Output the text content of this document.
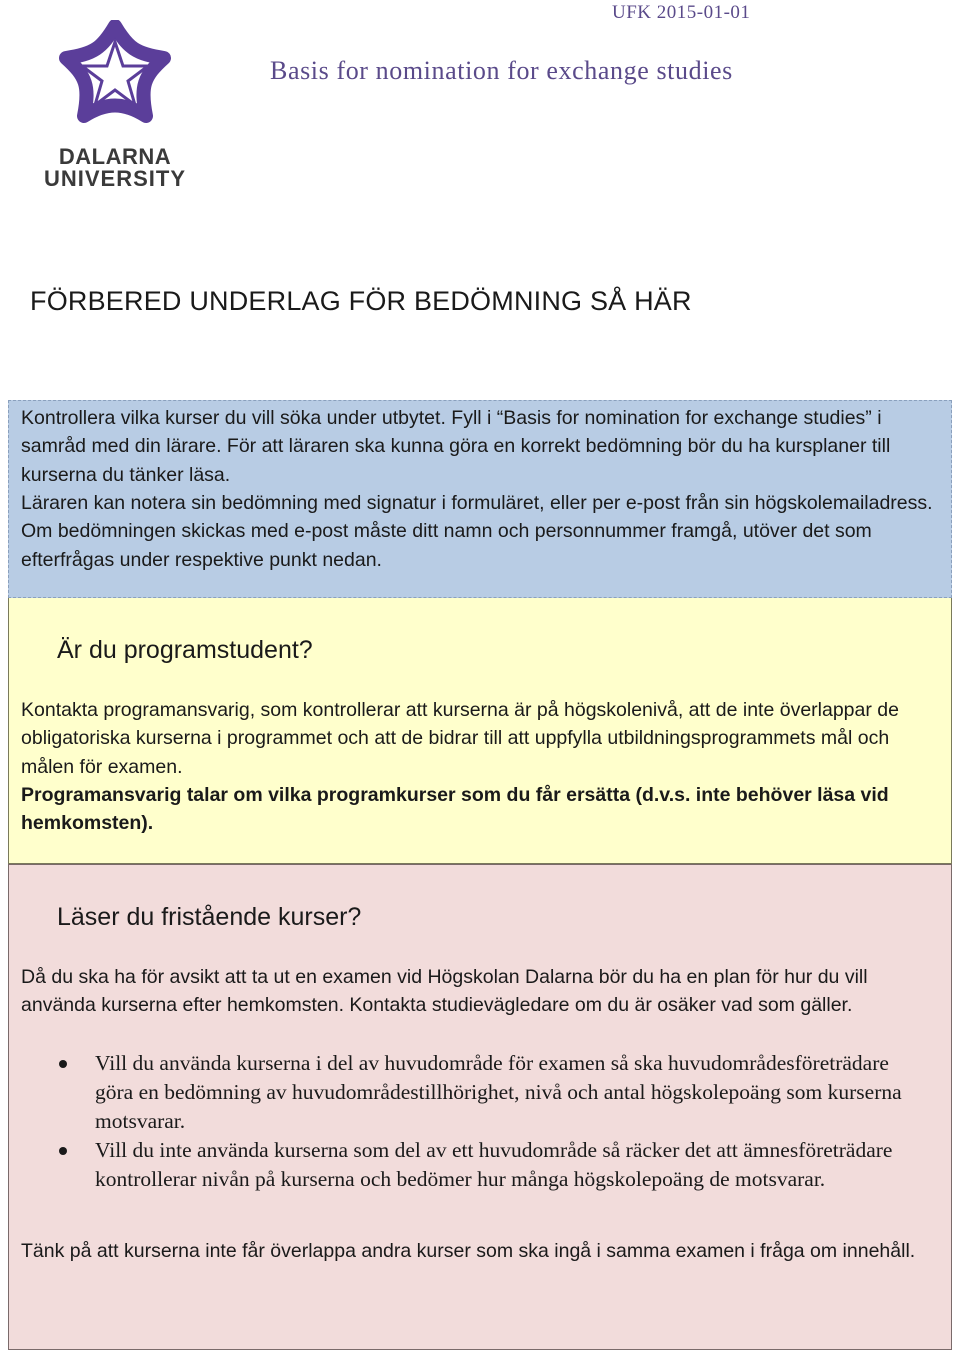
UFK 2015-01-01
Basis for nomination for exchange studies
DALARNA
UNIVERSITY
FÖRBERED UNDERLAG FÖR BEDÖMNING SÅ HÄR
Kontrollera vilka kurser du vill söka under utbytet. Fyll i “Basis for nomination for exchange studies” i samråd med din lärare. För att läraren ska kunna göra en korrekt bedömning bör du ha kursplaner till kurserna du tänker läsa.
Läraren kan notera sin bedömning med signatur i formuläret, eller per e-post från sin högskolemailadress. Om bedömningen skickas med e-post måste ditt namn och personnummer framgå, utöver det som efterfrågas under respektive punkt nedan.
Är du programstudent?
Kontakta programansvarig, som kontrollerar att kurserna är på högskolenivå, att de inte överlappar de obligatoriska kurserna i programmet och att de bidrar till att uppfylla utbildningsprogrammets mål och målen för examen.
Programansvarig talar om vilka programkurser som du får ersätta (d.v.s. inte behöver läsa vid hemkomsten).
Läser du fristående kurser?
Då du ska ha för avsikt att ta ut en examen vid Högskolan Dalarna bör du ha en plan för hur du vill använda kurserna efter hemkomsten. Kontakta studievägledare om du är osäker vad som gäller.
Vill du använda kurserna i del av huvudområde för examen så ska huvudområdesföreträdare göra en bedömning av huvudområdestillhörighet, nivå och antal högskolepoäng som kurserna motsvarar.
Vill du inte använda kurserna som del av ett huvudområde så räcker det att ämnesföreträdare kontrollerar nivån på kurserna och bedömer hur många högskolepoäng de motsvarar.
Tänk på att kurserna inte får överlappa andra kurser som ska ingå i samma examen i fråga om innehåll.
